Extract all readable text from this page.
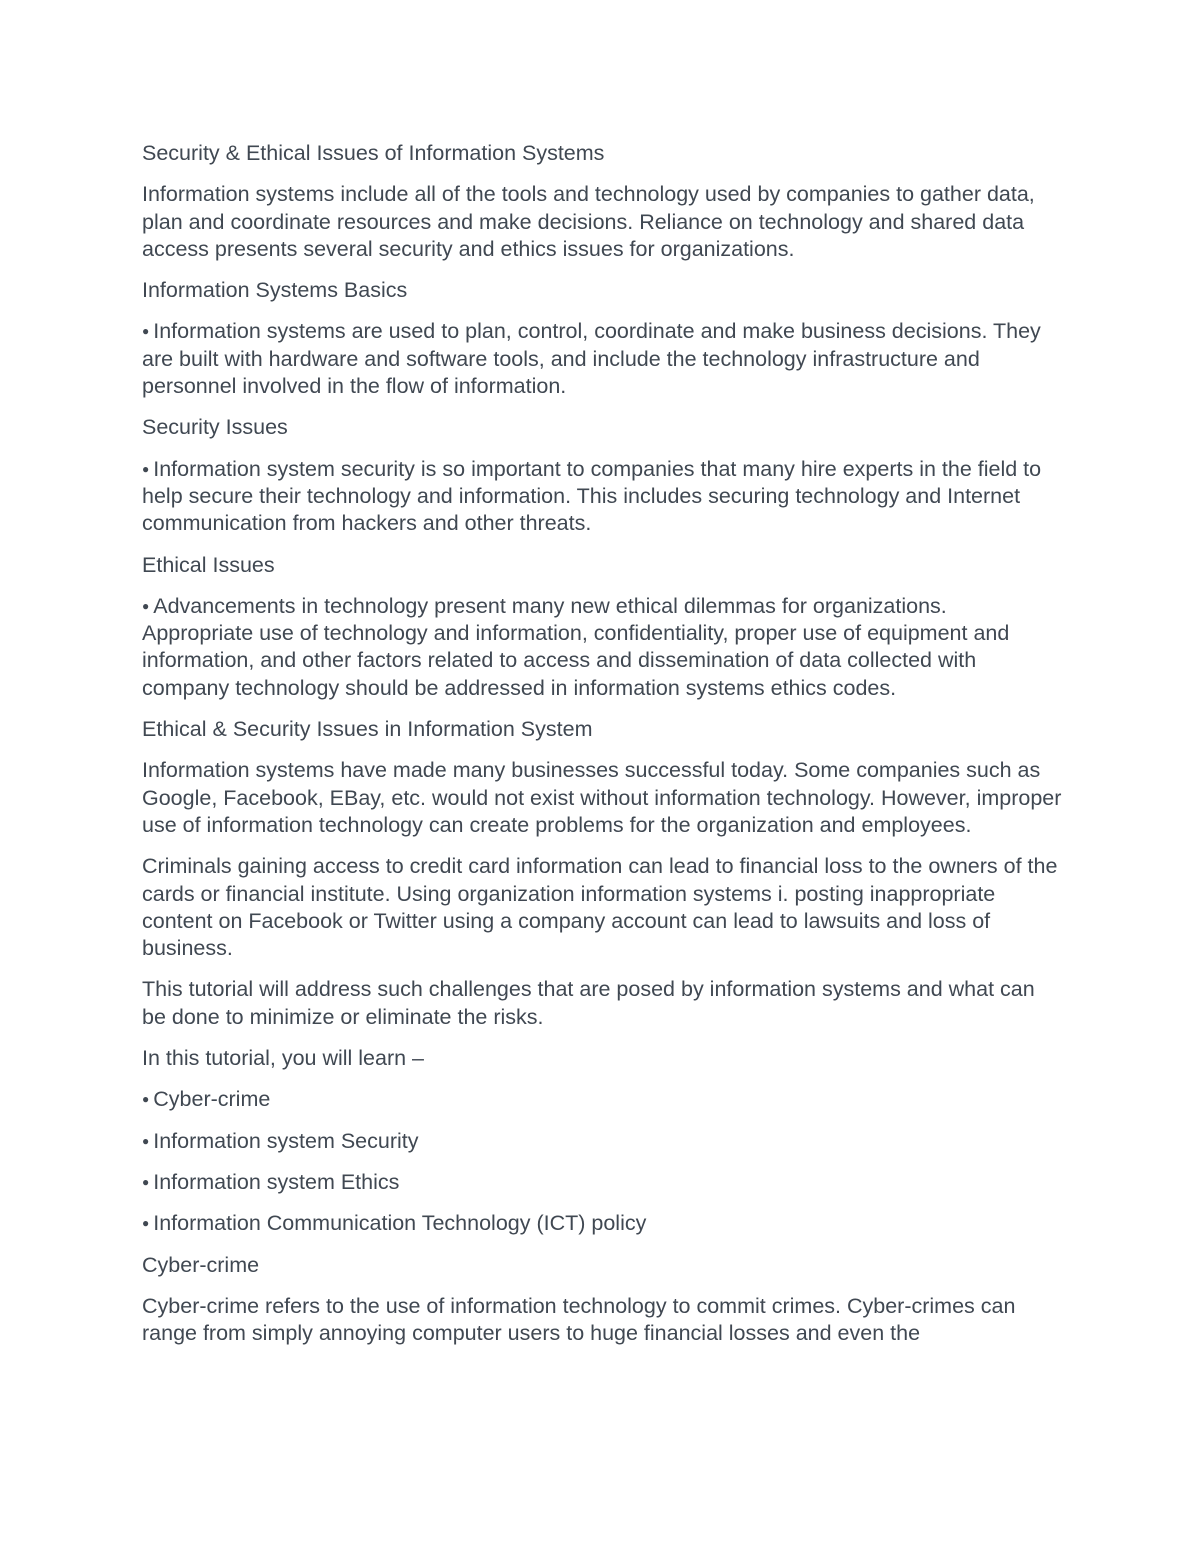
Security & Ethical Issues of Information Systems

Information systems include all of the tools and technology used by companies to gather data, plan and coordinate resources and make decisions. Reliance on technology and shared data access presents several security and ethics issues for organizations.

Information Systems Basics

● Information systems are used to plan, control, coordinate and make business decisions. They are built with hardware and software tools, and include the technology infrastructure and personnel involved in the flow of information.

Security Issues

● Information system security is so important to companies that many hire experts in the field to help secure their technology and information. This includes securing technology and Internet communication from hackers and other threats.

Ethical Issues

● Advancements in technology present many new ethical dilemmas for organizations. Appropriate use of technology and information, confidentiality, proper use of equipment and information, and other factors related to access and dissemination of data collected with company technology should be addressed in information systems ethics codes.

Ethical & Security Issues in Information System

Information systems have made many businesses successful today. Some companies such as Google, Facebook, EBay, etc. would not exist without information technology. However, improper use of information technology can create problems for the organization and employees.

Criminals gaining access to credit card information can lead to financial loss to the owners of the cards or financial institute. Using organization information systems i. posting inappropriate content on Facebook or Twitter using a company account can lead to lawsuits and loss of business.

This tutorial will address such challenges that are posed by information systems and what can be done to minimize or eliminate the risks.

In this tutorial, you will learn –

● Cyber-crime

● Information system Security

● Information system Ethics

● Information Communication Technology (ICT) policy

Cyber-crime

Cyber-crime refers to the use of information technology to commit crimes. Cyber-crimes can range from simply annoying computer users to huge financial losses and even the
